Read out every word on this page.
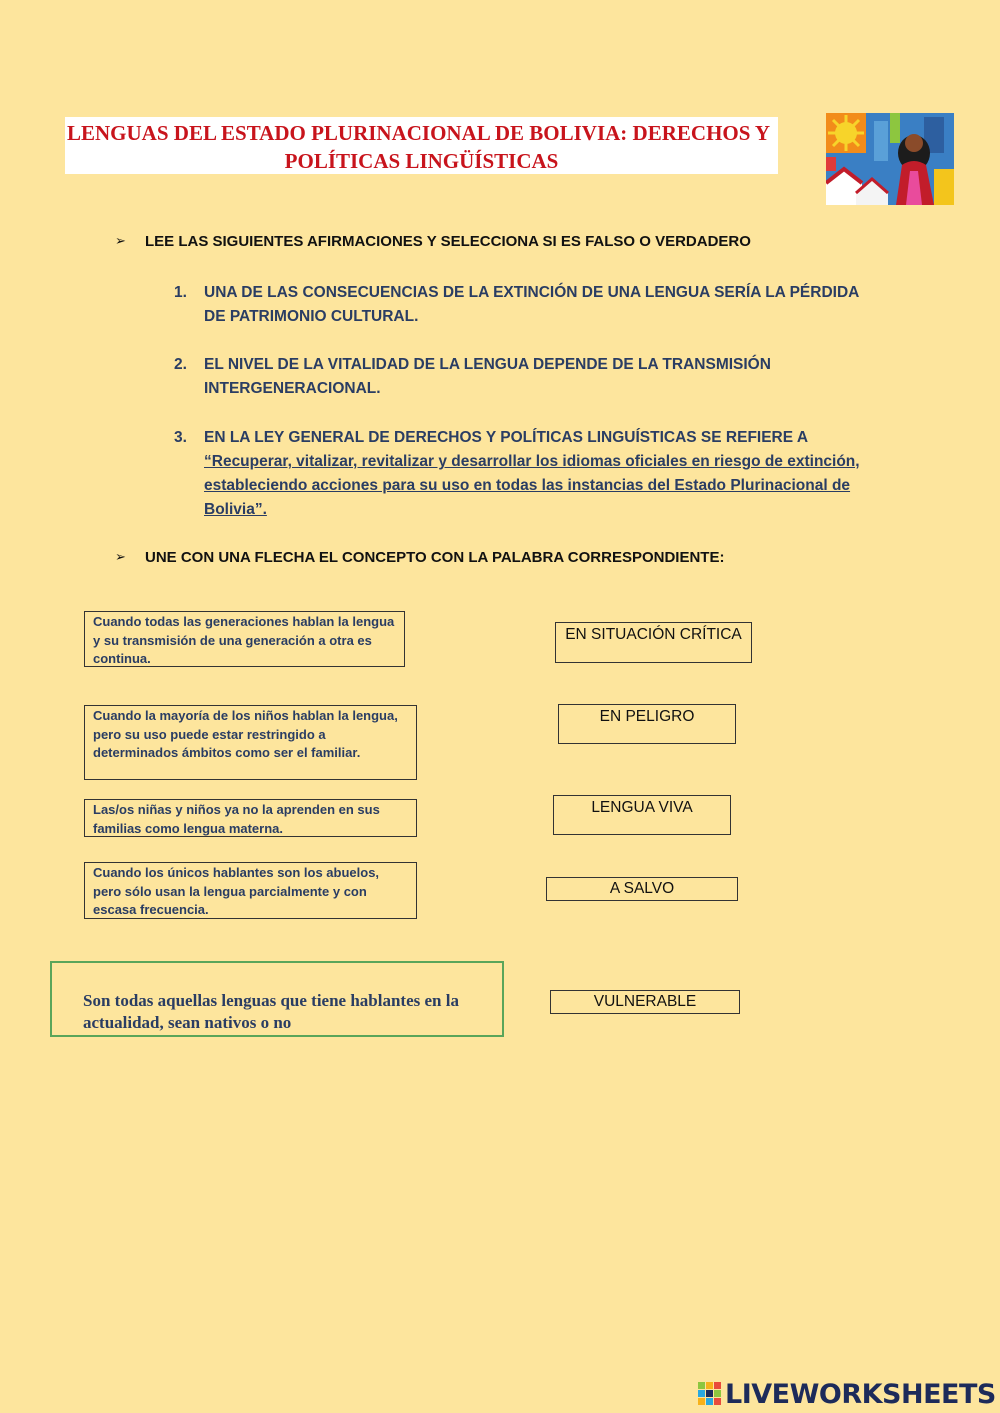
LENGUAS DEL ESTADO PLURINACIONAL DE BOLIVIA: DERECHOS Y
POLÍTICAS LINGÜÍSTICAS
➢	LEE LAS SIGUIENTES AFIRMACIONES Y SELECCIONA SI ES FALSO O VERDADERO
1.	UNA DE LAS CONSECUENCIAS DE LA EXTINCIÓN DE UNA LENGUA SERÍA LA PÉRDIDA DE PATRIMONIO CULTURAL.
2.	EL NIVEL DE LA VITALIDAD DE LA LENGUA DEPENDE DE LA TRANSMISIÓN INTERGENERACIONAL.
3.	EN LA LEY GENERAL DE DERECHOS Y POLÍTICAS LINGUÍSTICAS SE REFIERE A “Recuperar, vitalizar, revitalizar y desarrollar los idiomas oficiales en riesgo de extinción, estableciendo acciones para su uso en todas las instancias del Estado Plurinacional de Bolivia”.
➢	UNE CON UNA FLECHA EL CONCEPTO CON LA PALABRA CORRESPONDIENTE:
Cuando todas las generaciones hablan la lengua y su transmisión de una generación a otra es continua.
Cuando la mayoría de los niños hablan la lengua, pero su uso puede estar restringido a determinados ámbitos como ser el familiar.
Las/os niñas y niños ya no la aprenden en sus familias como lengua materna.
Cuando los únicos hablantes son los abuelos, pero sólo usan la lengua parcialmente y con escasa frecuencia.
Son todas aquellas lenguas que tiene hablantes en la actualidad, sean nativos o no
EN SITUACIÓN CRÍTICA
EN PELIGRO
LENGUA VIVA
A SALVO
VULNERABLE
LIVEWORKSHEETS
